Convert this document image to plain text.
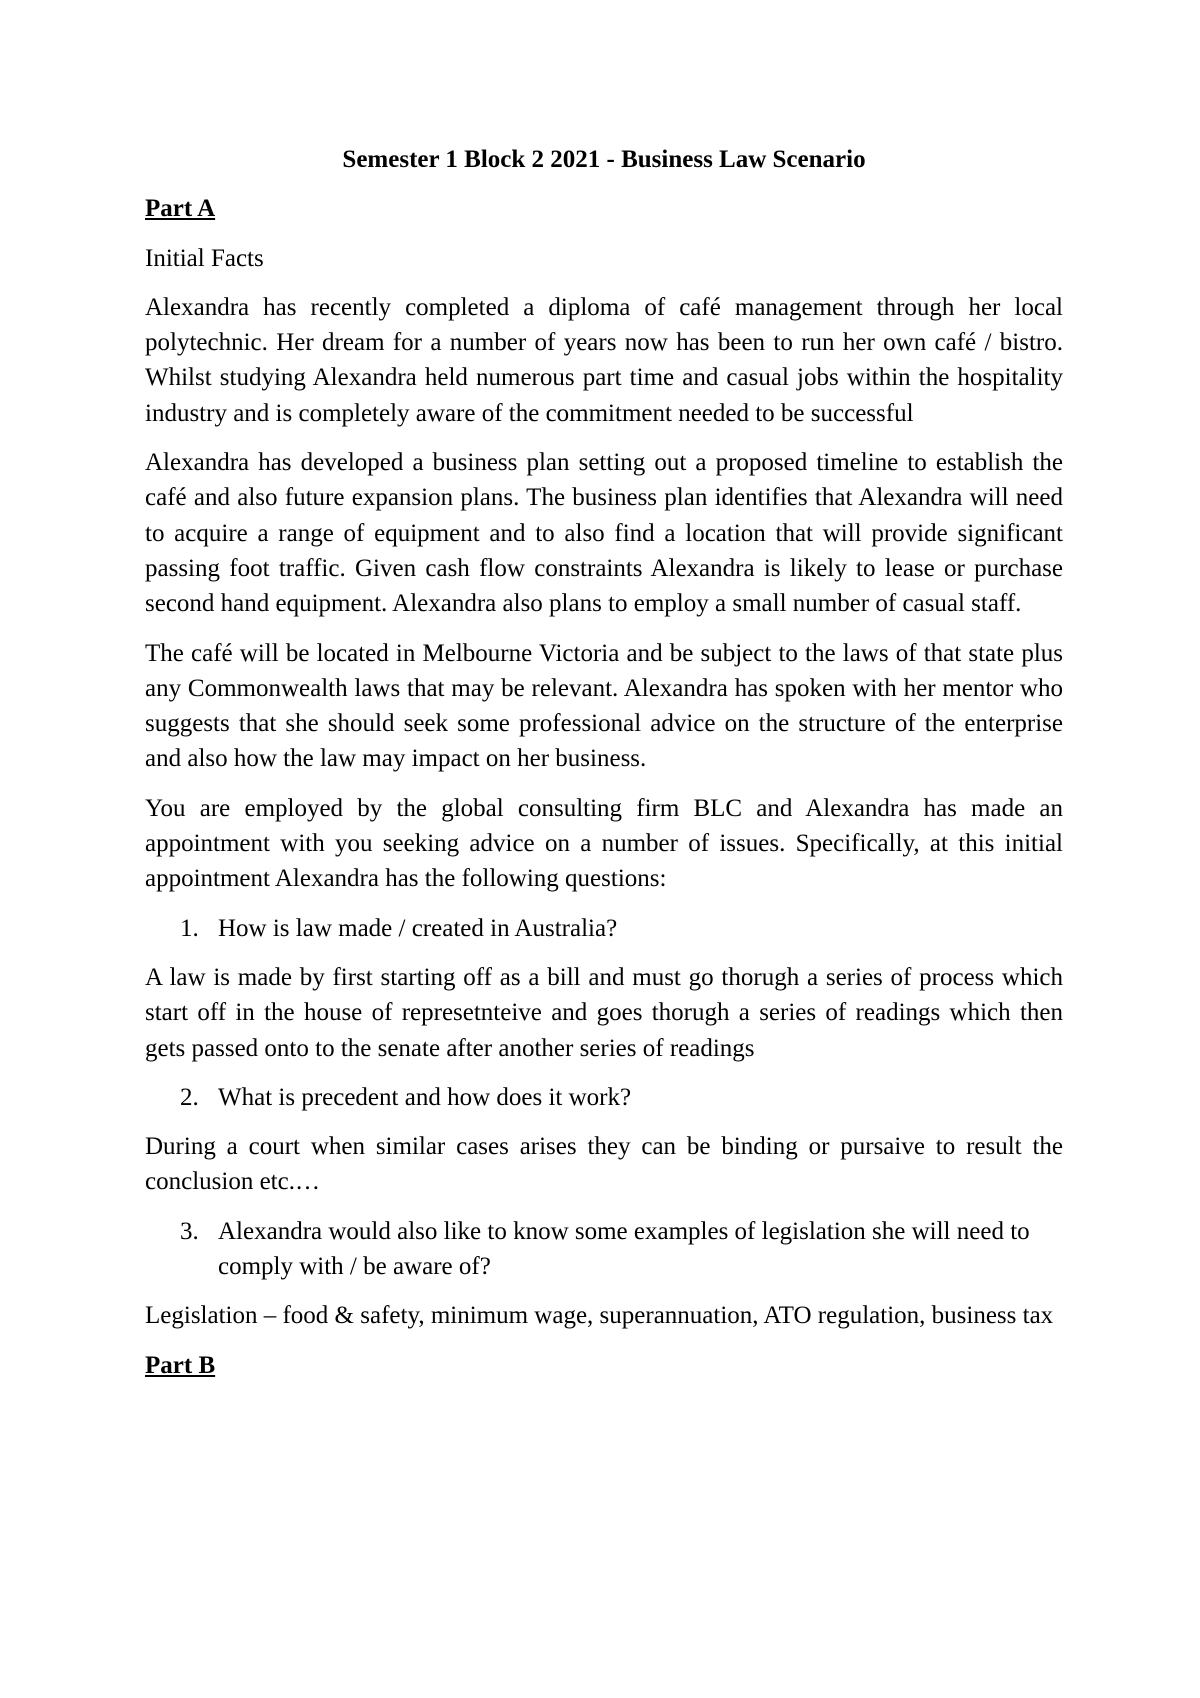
Semester 1 Block 2 2021 - Business Law Scenario
Part A
Initial Facts
Alexandra has recently completed a diploma of café management through her local polytechnic. Her dream for a number of years now has been to run her own café / bistro. Whilst studying Alexandra held numerous part time and casual jobs within the hospitality industry and is completely aware of the commitment needed to be successful
Alexandra has developed a business plan setting out a proposed timeline to establish the café and also future expansion plans. The business plan identifies that Alexandra will need to acquire a range of equipment and to also find a location that will provide significant passing foot traffic. Given cash flow constraints Alexandra is likely to lease or purchase second hand equipment. Alexandra also plans to employ a small number of casual staff.
The café will be located in Melbourne Victoria and be subject to the laws of that state plus any Commonwealth laws that may be relevant. Alexandra has spoken with her mentor who suggests that she should seek some professional advice on the structure of the enterprise and also how the law may impact on her business.
You are employed by the global consulting firm BLC and Alexandra has made an appointment with you seeking advice on a number of issues. Specifically, at this initial appointment Alexandra has the following questions:
1. How is law made / created in Australia?
A law is made by first starting off as a bill and must go thorugh a series of process which start off in the house of represetnteive and goes thorugh a series of readings which then gets passed onto to the senate after another series of readings
2. What is precedent and how does it work?
During a court when similar cases arises they can be binding or pursaive to result the conclusion etc.…
3. Alexandra would also like to know some examples of legislation she will need to comply with / be aware of?
Legislation – food & safety, minimum wage, superannuation, ATO regulation, business tax
Part B
